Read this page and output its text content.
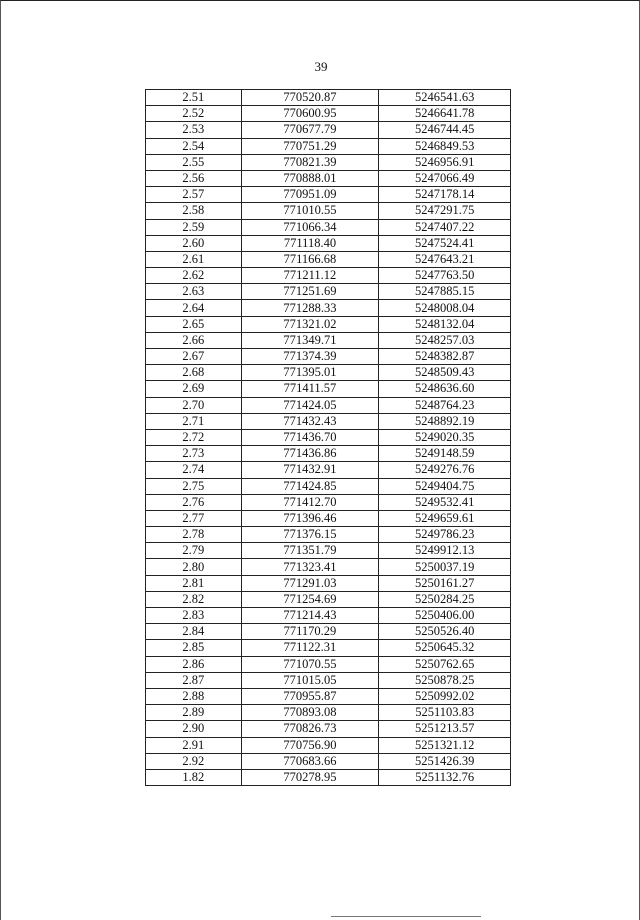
39
2.51	770520.87	5246541.63
2.52	770600.95	5246641.78
2.53	770677.79	5246744.45
2.54	770751.29	5246849.53
2.55	770821.39	5246956.91
2.56	770888.01	5247066.49
2.57	770951.09	5247178.14
2.58	771010.55	5247291.75
2.59	771066.34	5247407.22
2.60	771118.40	5247524.41
2.61	771166.68	5247643.21
2.62	771211.12	5247763.50
2.63	771251.69	5247885.15
2.64	771288.33	5248008.04
2.65	771321.02	5248132.04
2.66	771349.71	5248257.03
2.67	771374.39	5248382.87
2.68	771395.01	5248509.43
2.69	771411.57	5248636.60
2.70	771424.05	5248764.23
2.71	771432.43	5248892.19
2.72	771436.70	5249020.35
2.73	771436.86	5249148.59
2.74	771432.91	5249276.76
2.75	771424.85	5249404.75
2.76	771412.70	5249532.41
2.77	771396.46	5249659.61
2.78	771376.15	5249786.23
2.79	771351.79	5249912.13
2.80	771323.41	5250037.19
2.81	771291.03	5250161.27
2.82	771254.69	5250284.25
2.83	771214.43	5250406.00
2.84	771170.29	5250526.40
2.85	771122.31	5250645.32
2.86	771070.55	5250762.65
2.87	771015.05	5250878.25
2.88	770955.87	5250992.02
2.89	770893.08	5251103.83
2.90	770826.73	5251213.57
2.91	770756.90	5251321.12
2.92	770683.66	5251426.39
1.82	770278.95	5251132.76
